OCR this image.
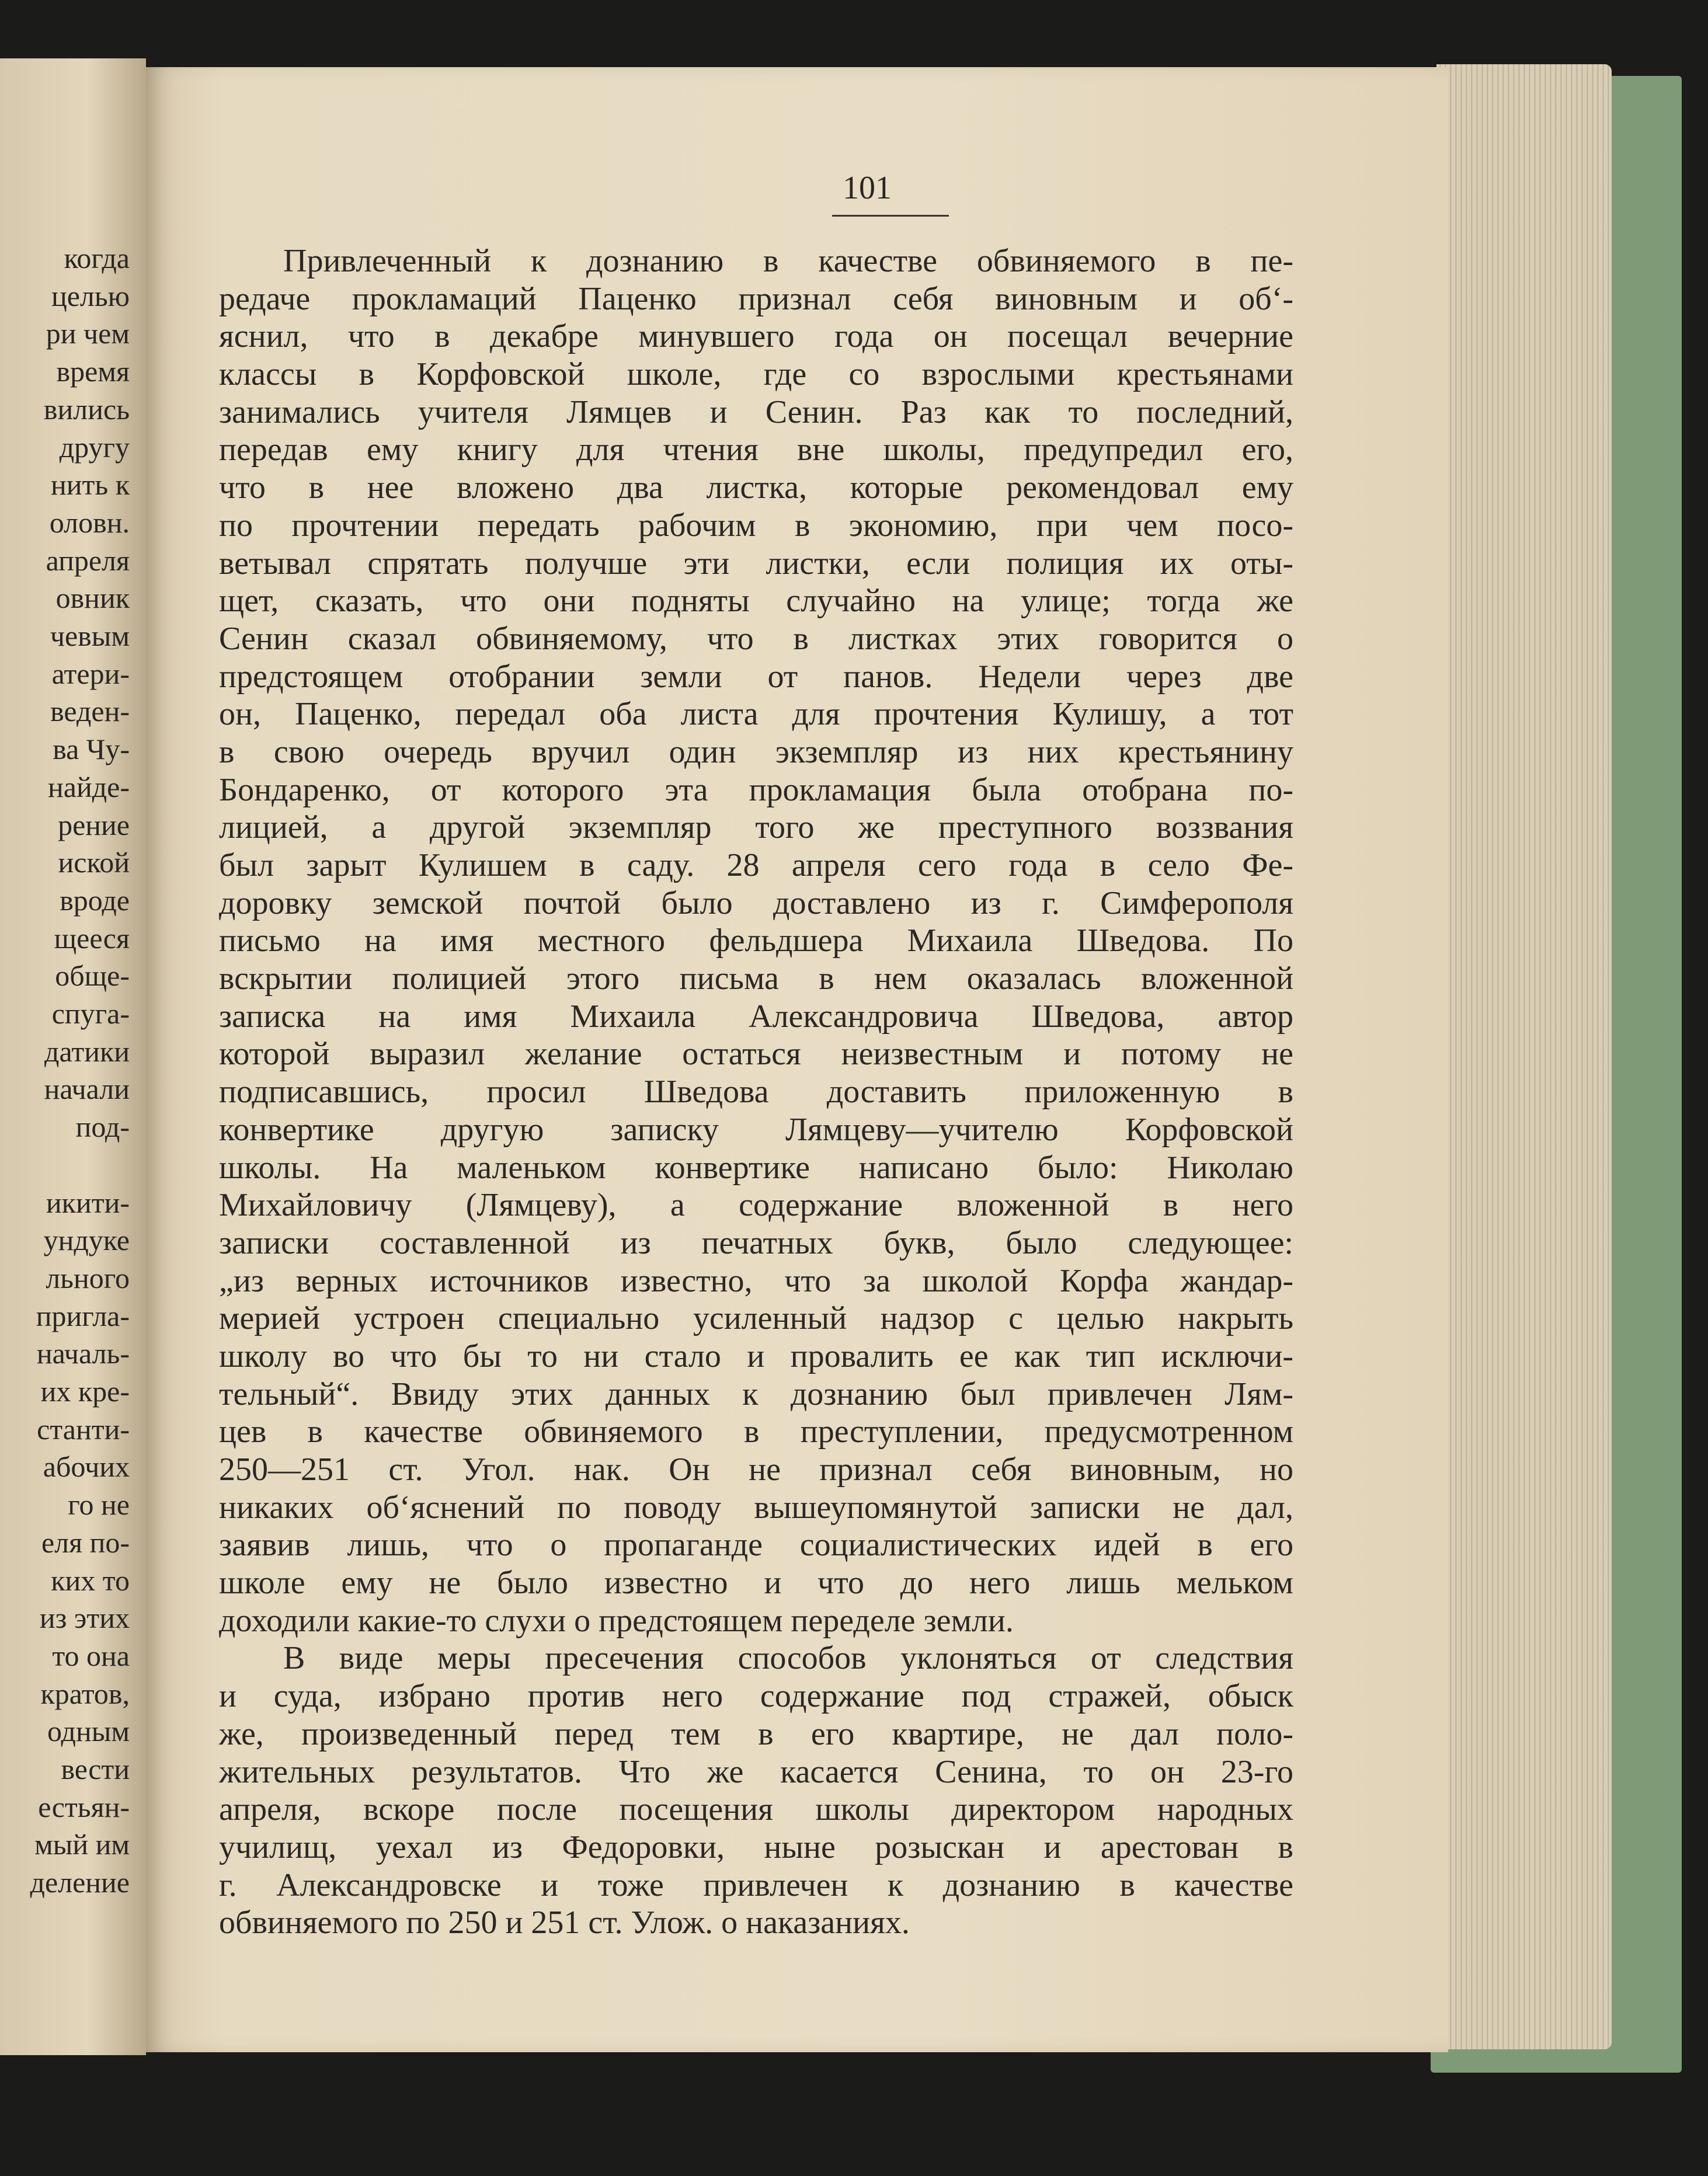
когда
целью
ри чем
время
вились
другу
нить к
оловн.
апреля
овник
чевым
атери-
веден-
ва Чу-
найде-
рение
иской
вроде
щееся
обще-
спуга-
датики
начали
под-
икити-
ундуке
льного
пригла-
началь-
их кре-
станти-
абочих
го не
еля по-
ких то
из этих
то она
кратов,
одным
вести
естьян-
мый им
деление
101
Привлеченный к дознанию в качестве обвиняемого в пе-
редаче прокламаций Паценко признал себя виновным и об‘-
яснил, что в декабре минувшего года он посещал вечерние
классы в Корфовской школе, где со взрослыми крестьянами
занимались учителя Лямцев и Сенин. Раз как то последний,
передав ему книгу для чтения вне школы, предупредил его,
что в нее вложено два листка, которые рекомендовал ему
по прочтении передать рабочим в экономию, при чем посо-
ветывал спрятать получше эти листки, если полиция их оты-
щет, сказать, что они подняты случайно на улице; тогда же
Сенин сказал обвиняемому, что в листках этих говорится о
предстоящем отобрании земли от панов. Недели через две
он, Паценко, передал оба листа для прочтения Кулишу, а тот
в свою очередь вручил один экземпляр из них крестьянину
Бондаренко, от которого эта прокламация была отобрана по-
лицией, а другой экземпляр того же преступного воззвания
был зарыт Кулишем в саду. 28 апреля сего года в село Фе-
доровку земской почтой было доставлено из г. Симферополя
письмо на имя местного фельдшера Михаила Шведова. По
вскрытии полицией этого письма в нем оказалась вложенной
записка на имя Михаила Александровича Шведова, автор
которой выразил желание остаться неизвестным и потому не
подписавшись, просил Шведова доставить приложенную в
конвертике другую записку Лямцеву—учителю Корфовской
школы. На маленьком конвертике написано было: Николаю
Михайловичу (Лямцеву), а содержание вложенной в него
записки составленной из печатных букв, было следующее:
„из верных источников известно, что за школой Корфа жандар-
мерией устроен специально усиленный надзор с целью накрыть
школу во что бы то ни стало и провалить ее как тип исключи-
тельный“. Ввиду этих данных к дознанию был привлечен Лям-
цев в качестве обвиняемого в преступлении, предусмотренном
250—251 ст. Угол. нак. Он не признал себя виновным, но
никаких об‘яснений по поводу вышеупомянутой записки не дал,
заявив лишь, что о пропаганде социалистических идей в его
школе ему не было известно и что до него лишь мельком
доходили какие-то слухи о предстоящем переделе земли.
В виде меры пресечения способов уклоняться от следствия
и суда, избрано против него содержание под стражей, обыск
же, произведенный перед тем в его квартире, не дал поло-
жительных результатов. Что же касается Сенина, то он 23-го
апреля, вскоре после посещения школы директором народных
училищ, уехал из Федоровки, ныне розыскан и арестован в
г. Александровске и тоже привлечен к дознанию в качестве
обвиняемого по 250 и 251 ст. Улож. о наказаниях.
